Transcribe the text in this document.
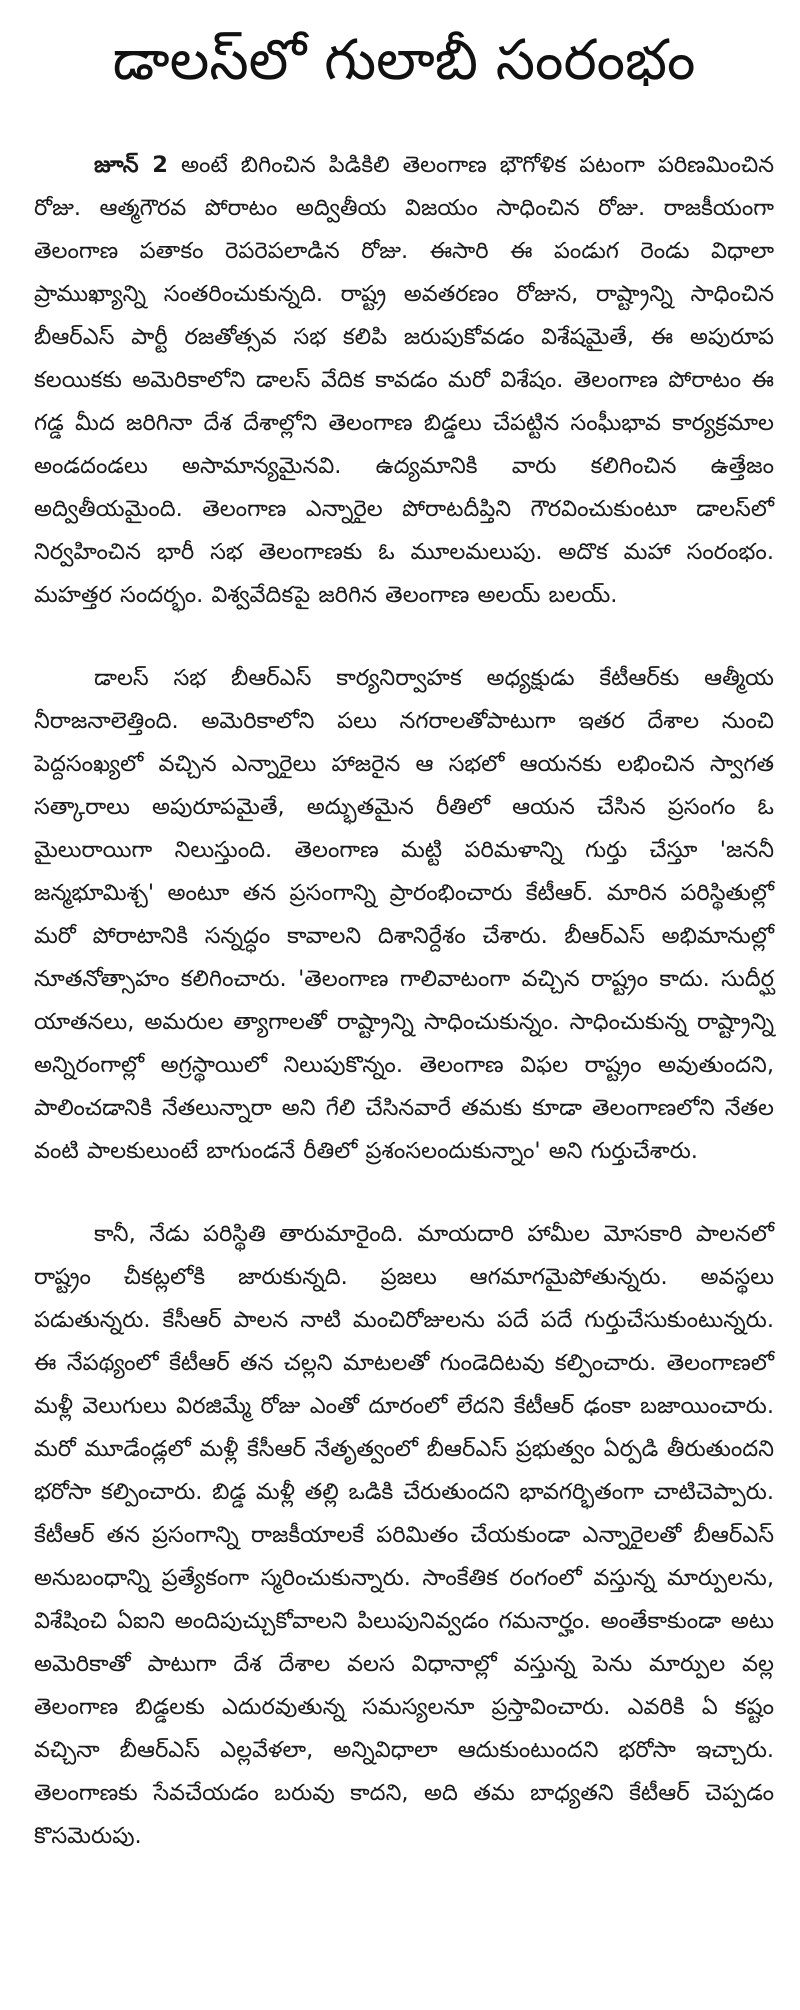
డాలస్‌లో గులాబీ సంరంభం

జూన్ 2 అంటే బిగించిన పిడికిలి తెలంగాణ భౌగోళిక పటంగా పరిణమించిన రోజు. ఆత్మగౌరవ పోరాటం అద్వితీయ విజయం సాధించిన రోజు. రాజకీయంగా తెలంగాణ పతాకం రెపరెపలాడిన రోజు. ఈసారి ఈ పండుగ రెండు విధాలా ప్రాముఖ్యాన్ని సంతరించుకున్నది. రాష్ట్ర అవతరణం రోజున, రాష్ట్రాన్ని సాధించిన బీఆర్ఎస్ పార్టీ రజతోత్సవ సభ కలిపి జరుపుకోవడం విశేషమైతే, ఈ అపురూప కలయికకు అమెరికాలోని డాలస్ వేదిక కావడం మరో విశేషం. తెలంగాణ పోరాటం ఈ గడ్డ మీద జరిగినా దేశ దేశాల్లోని తెలంగాణ బిడ్డలు చేపట్టిన సంఘీభావ కార్యక్రమాల అండదండలు అసామాన్యమైనవి. ఉద్యమానికి వారు కలిగించిన ఉత్తేజం అద్వితీయమైంది. తెలంగాణ ఎన్నారైల పోరాటదీప్తిని గౌరవించుకుంటూ డాలస్‌లో నిర్వహించిన భారీ సభ తెలంగాణకు ఓ మూలమలుపు. అదొక మహా సంరంభం. మహత్తర సందర్భం. విశ్వవేదికపై జరిగిన తెలంగాణ అలయ్ బలయ్.

డాలస్ సభ బీఆర్ఎస్ కార్యనిర్వాహక అధ్యక్షుడు కేటీఆర్‌కు ఆత్మీయ నీరాజనాలెత్తింది. అమెరికాలోని పలు నగరాలతోపాటుగా ఇతర దేశాల నుంచి పెద్దసంఖ్యలో వచ్చిన ఎన్నారైలు హాజరైన ఆ సభలో ఆయనకు లభించిన స్వాగత సత్కారాలు అపురూపమైతే, అద్భుతమైన రీతిలో ఆయన చేసిన ప్రసంగం ఓ మైలురాయిగా నిలుస్తుంది. తెలంగాణ మట్టి పరిమళాన్ని గుర్తు చేస్తూ 'జననీ జన్మభూమిశ్చ' అంటూ తన ప్రసంగాన్ని ప్రారంభించారు కేటీఆర్. మారిన పరిస్థితుల్లో మరో పోరాటానికి సన్నద్ధం కావాలని దిశానిర్దేశం చేశారు. బీఆర్ఎస్ అభిమానుల్లో నూతనోత్సాహం కలిగించారు. 'తెలంగాణ గాలివాటంగా వచ్చిన రాష్ట్రం కాదు. సుదీర్ఘ యాతనలు, అమరుల త్యాగాలతో రాష్ట్రాన్ని సాధించుకున్నం. సాధించుకున్న రాష్ట్రాన్ని అన్నిరంగాల్లో అగ్రస్థాయిలో నిలుపుకొన్నం. తెలంగాణ విఫల రాష్ట్రం అవుతుందని, పాలించడానికి నేతలున్నారా అని గేలి చేసినవారే తమకు కూడా తెలంగాణలోని నేతల వంటి పాలకులుంటే బాగుండనే రీతిలో ప్రశంసలందుకున్నాం' అని గుర్తుచేశారు.

కానీ, నేడు పరిస్థితి తారుమారైంది. మాయదారి హామీల మోసకారి పాలనలో రాష్ట్రం చీకట్లలోకి జారుకున్నది. ప్రజలు ఆగమాగమైపోతున్నరు. అవస్థలు పడుతున్నరు. కేసీఆర్ పాలన నాటి మంచిరోజులను పదే పదే గుర్తుచేసుకుంటున్నరు. ఈ నేపథ్యంలో కేటీఆర్ తన చల్లని మాటలతో గుండెదిటవు కల్పించారు. తెలంగాణలో మళ్లీ వెలుగులు విరజిమ్మే రోజు ఎంతో దూరంలో లేదని కేటీఆర్ ఢంకా బజాయించారు. మరో మూడేండ్లలో మళ్లీ కేసీఆర్ నేతృత్వంలో బీఆర్ఎస్ ప్రభుత్వం ఏర్పడి తీరుతుందని భరోసా కల్పించారు. బిడ్డ మళ్లీ తల్లి ఒడికి చేరుతుందని భావగర్భితంగా చాటిచెప్పారు. కేటీఆర్ తన ప్రసంగాన్ని రాజకీయాలకే పరిమితం చేయకుండా ఎన్నారైలతో బీఆర్ఎస్ అనుబంధాన్ని ప్రత్యేకంగా స్మరించుకున్నారు. సాంకేతిక రంగంలో వస్తున్న మార్పులను, విశేషించి ఏఐని అందిపుచ్చుకోవాలని పిలుపునివ్వడం గమనార్హం. అంతేకాకుండా అటు అమెరికాతో పాటుగా దేశ దేశాల వలస విధానాల్లో వస్తున్న పెను మార్పుల వల్ల తెలంగాణ బిడ్డలకు ఎదురవుతున్న సమస్యలనూ ప్రస్తావించారు. ఎవరికి ఏ కష్టం వచ్చినా బీఆర్ఎస్ ఎల్లవేళలా, అన్నివిధాలా ఆదుకుంటుందని భరోసా ఇచ్చారు. తెలంగాణకు సేవచేయడం బరువు కాదని, అది తమ బాధ్యతని కేటీఆర్ చెప్పడం కొసమెరుపు.
